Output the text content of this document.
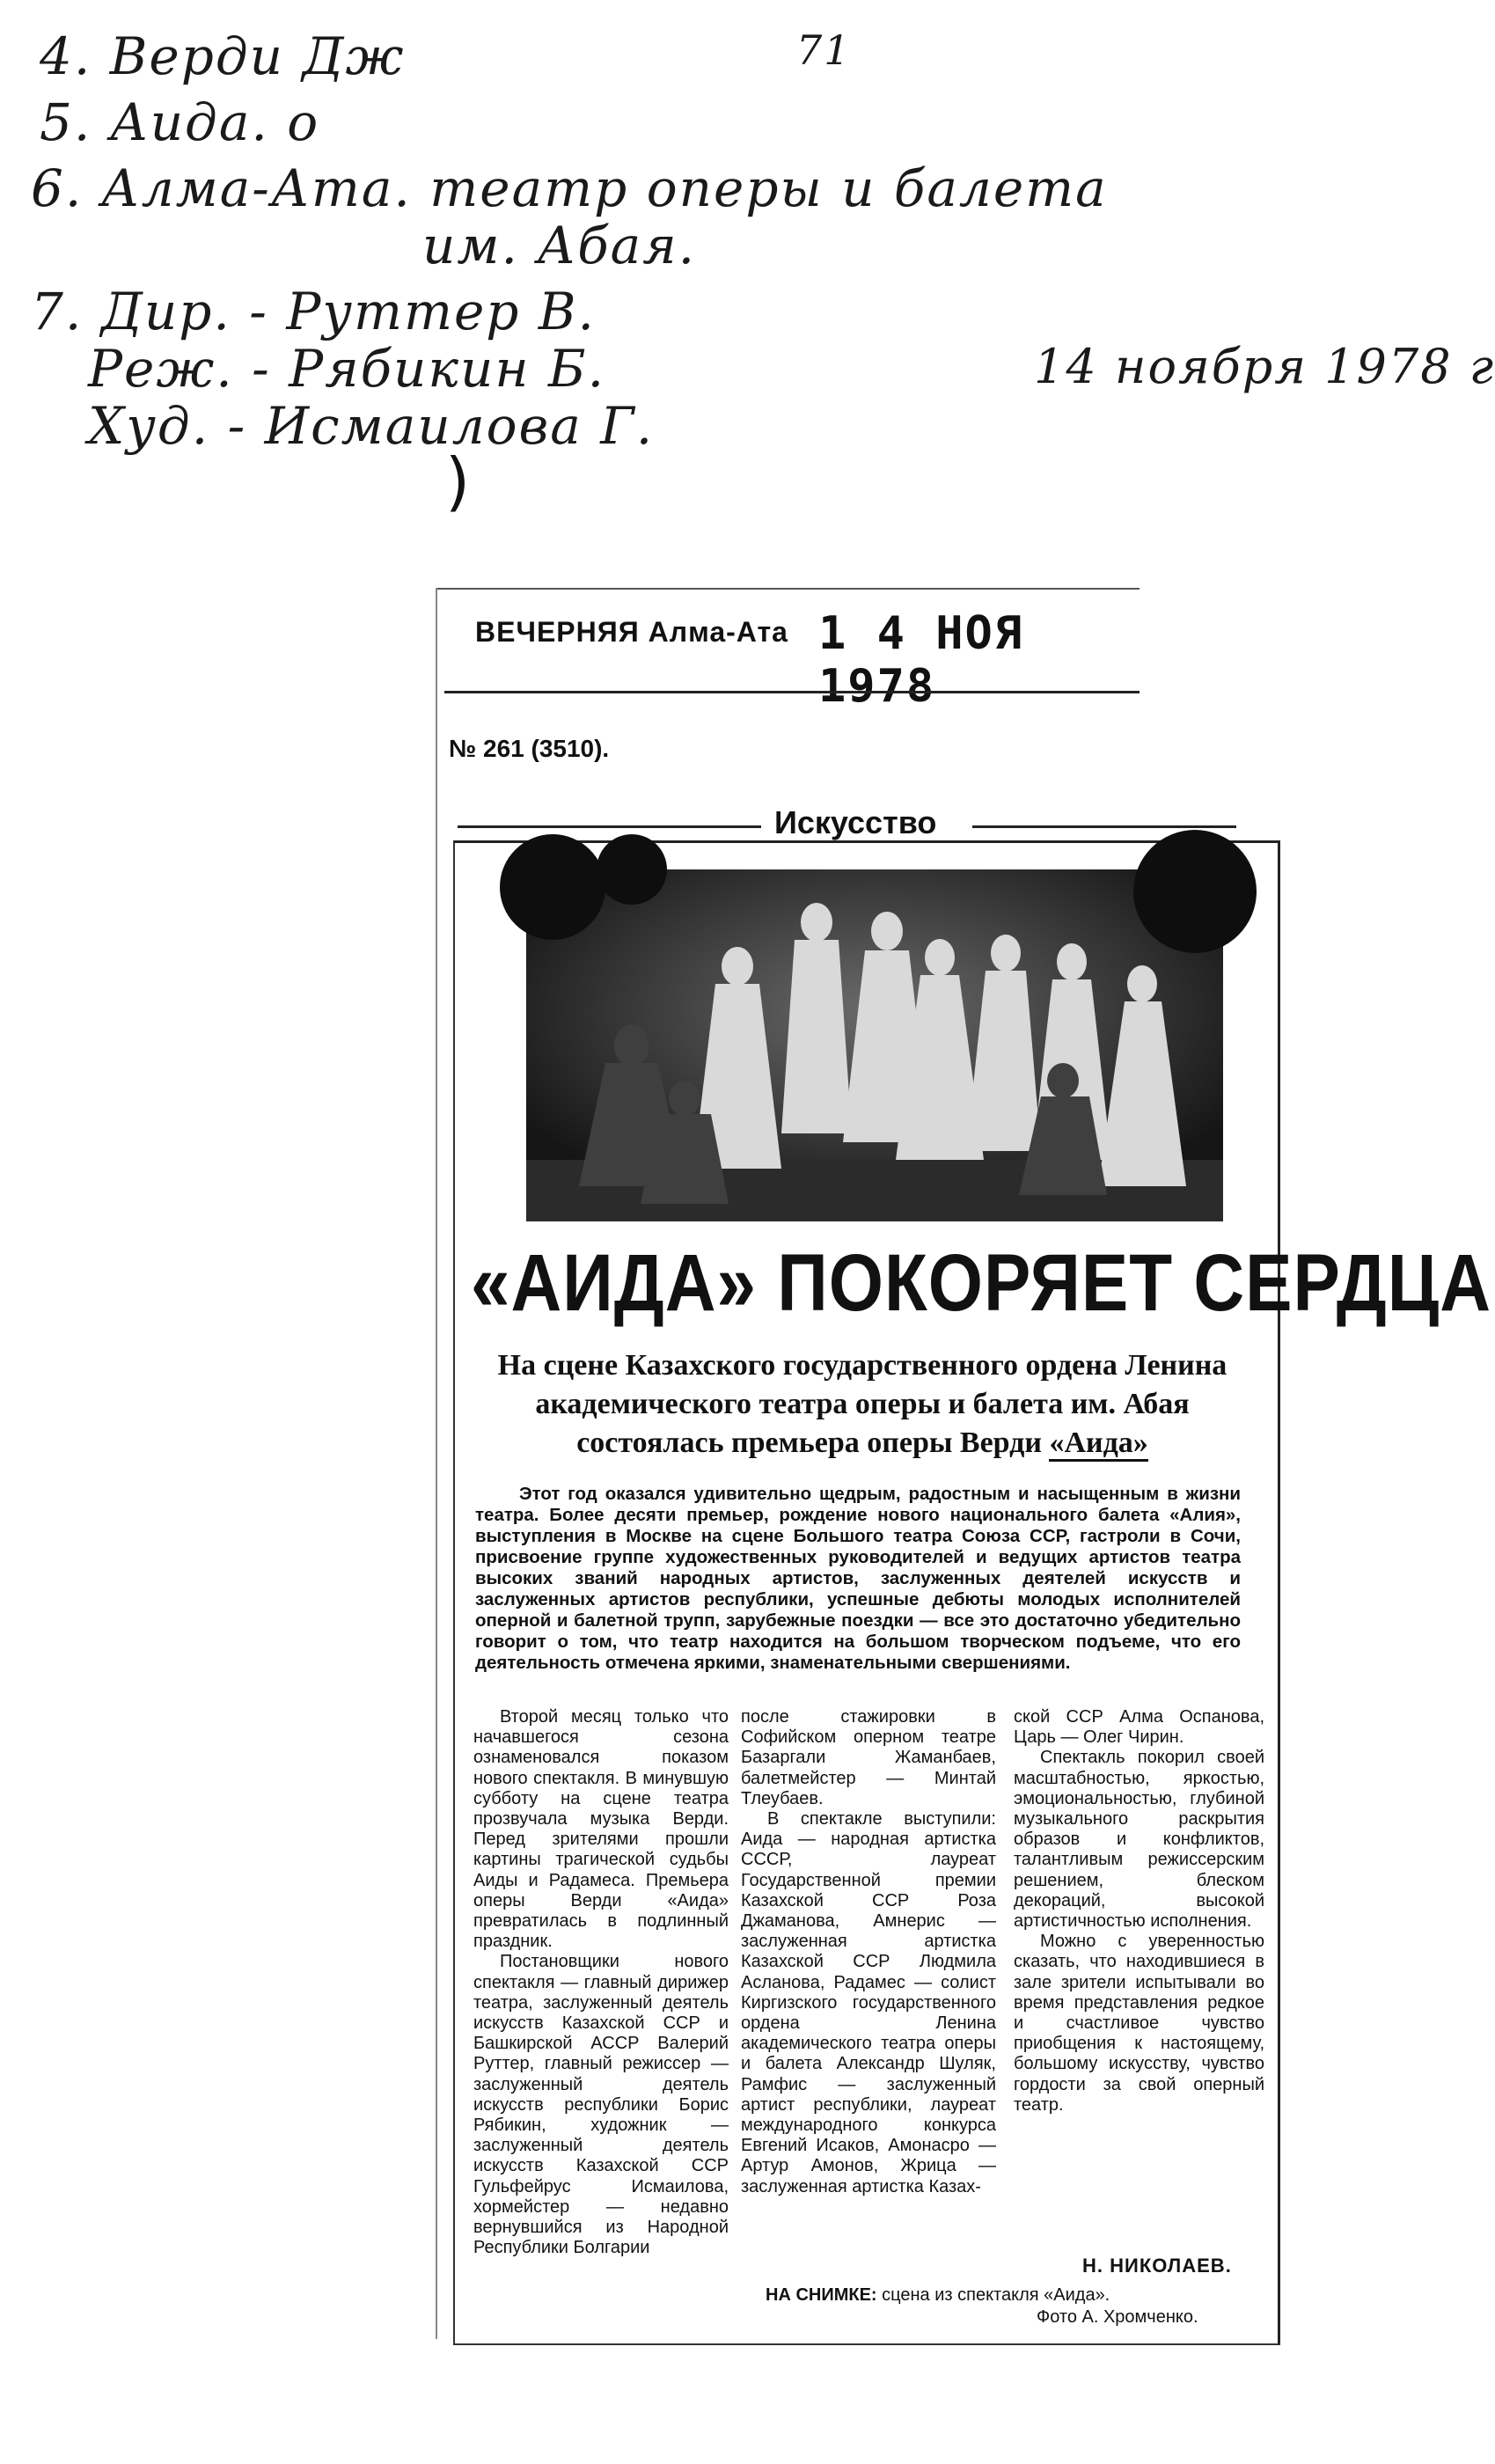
4. Верди Дж	71
5. Аида. о
6. Алма-Ата. театр оперы и балета
им. Абая.
7. Дир. - Руттер В.
Реж. - Рябикин Б.
Худ. - Исмаилова Г.
14 ноября 1978 г
)
ВЕЧЕРНЯЯ Алма-Ата 1 4 НОЯ 1978
№ 261 (3510).
Искусство
«АИДА» ПОКОРЯЕТ СЕРДЦА
На сцене Казахского государственного ордена Ленина академического театра оперы и балета им. Абая состоялась премьера оперы Верди «Аида»
Этот год оказался удивительно щедрым, радостным и насыщенным в жизни театра. Более десяти премьер, рождение нового национального балета «Алия», выступления в Москве на сцене Большого театра Союза ССР, гастроли в Сочи, присвоение группе художественных руководителей и ведущих артистов театра высоких званий народных артистов, заслуженных деятелей искусств и заслуженных артистов республики, успешные дебюты молодых исполнителей оперной и балетной трупп, зарубежные поездки — все это достаточно убедительно говорит о том, что театр находится на большом творческом подъеме, что его деятельность отмечена яркими, знаменательными свершениями.

Второй месяц только что начавшегося сезона ознаменовался показом нового спектакля. В минувшую субботу на сцене театра прозвучала музыка Верди. Перед зрителями прошли картины трагической судьбы Аиды и Радамеса. Премьера оперы Верди «Аида» превратилась в подлинный праздник.

Постановщики нового спектакля — главный дирижер театра, заслуженный деятель искусств Казахской ССР и Башкирской АССР Валерий Руттер, главный режиссер — заслуженный деятель искусств республики Борис Рябикин, художник — заслуженный деятель искусств Казахской ССР Гульфейрус Исмаилова, хормейстер — недавно вернувшийся из Народной Республики Болгарии

после стажировки в Софийском оперном театре Базаргали Жаманбаев, балетмейстер — Минтай Тлеубаев.

В спектакле выступили: Аида — народная артистка СССР, лауреат Государственной премии Казахской ССР Роза Джаманова, Амнерис — заслуженная артистка Казахской ССР Людмила Асланова, Радамес — солист Киргизского государственного ордена Ленина академического театра оперы и балета Александр Шуляк, Рамфис — заслуженный артист республики, лауреат международного конкурса Евгений Исаков, Амонасро — Артур Амонов, Жрица — заслуженная артистка Казах-

ской ССР Алма Оспанова, Царь — Олег Чирин.

Спектакль покорил своей масштабностью, яркостью, эмоциональностью, глубиной музыкального раскрытия образов и конфликтов, талантливым режиссерским решением, блеском декораций, высокой артистичностью исполнения.

Можно с уверенностью сказать, что находившиеся в зале зрители испытывали во время представления редкое и счастливое чувство приобщения к настоящему, большому искусству, чувство гордости за свой оперный театр.

Н. НИКОЛАЕВ.
НА СНИМКЕ: сцена из спектакля «Аида».
Фото А. Хромченко.
